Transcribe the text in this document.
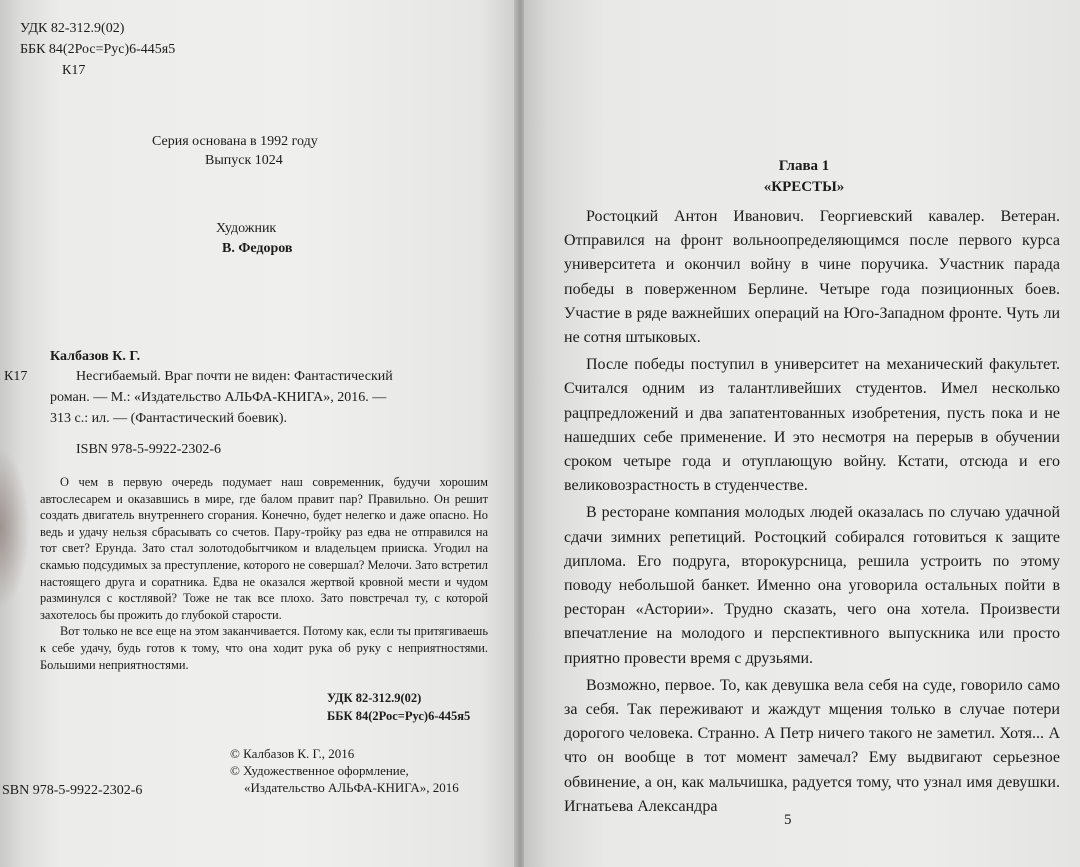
УДК 82-312.9(02)
ББК 84(2Рос=Рус)6-445я5
К17
Серия основана в 1992 году
Выпуск 1024
Художник
В. Федоров
Калбазов К. Г.
К17	Несгибаемый. Враг почти не виден: Фантастический
роман. — М.: «Издательство АЛЬФА-КНИГА», 2016. —
313 с.: ил. — (Фантастический боевик).
ISBN 978-5-9922-2302-6

О чем в первую очередь подумает наш современник, будучи хорошим автослесарем и оказавшись в мире, где балом правит пар? Правильно. Он решит создать двигатель внутреннего сгорания. Конечно, будет нелегко и даже опасно. Но ведь и удачу нельзя сбрасывать со счетов. Пару-тройку раз едва не отправился на тот свет? Ерунда. Зато стал золотодобытчиком и владельцем прииска. Угодил на скамью подсудимых за преступление, которого не совершал? Мелочи. Зато встретил настоящего друга и соратника. Едва не оказался жертвой кровной мести и чудом разминулся с костлявой? Тоже не так все плохо. Зато повстречал ту, с которой захотелось бы прожить до глубокой старости.

Вот только не все еще на этом заканчивается. Потому как, если ты притягиваешь к себе удачу, будь готов к тому, что она ходит рука об руку с неприятностями. Большими неприятностями.

УДК 82-312.9(02)
ББК 84(2Рос=Рус)6-445я5
© Калбазов К. Г., 2016
© Художественное оформление,
«Издательство АЛЬФА-КНИГА», 2016
SBN 978-5-9922-2302-6
Глава 1
«КРЕСТЫ»

Ростоцкий Антон Иванович. Георгиевский кавалер. Ветеран. Отправился на фронт вольноопределяющимся после первого курса университета и окончил войну в чине поручика. Участник парада победы в поверженном Берлине. Четыре года позиционных боев. Участие в ряде важнейших операций на Юго-Западном фронте. Чуть ли не сотня штыковых.

После победы поступил в университет на механический факультет. Считался одним из талантливейших студентов. Имел несколько рацпредложений и два запатентованных изобретения, пусть пока и не нашедших себе применение. И это несмотря на перерыв в обучении сроком четыре года и отуплающую войну. Кстати, отсюда и его великовозрастность в студенчестве.

В ресторане компания молодых людей оказалась по случаю удачной сдачи зимних репетиций. Ростоцкий собирался готовиться к защите диплома. Его подруга, второкурсница, решила устроить по этому поводу небольшой банкет. Именно она уговорила остальных пойти в ресторан «Астории». Трудно сказать, чего она хотела. Произвести впечатление на молодого и перспективного выпускника или просто приятно провести время с друзьями.

Возможно, первое. То, как девушка вела себя на суде, говорило само за себя. Так переживают и жаждут мщения только в случае потери дорогого человека. Странно. А Петр ничего такого не заметил. Хотя... А что он вообще в тот момент замечал? Ему выдвигают серьезное обвинение, а он, как мальчишка, радуется тому, что узнал имя девушки. Игнатьева Александра

5
